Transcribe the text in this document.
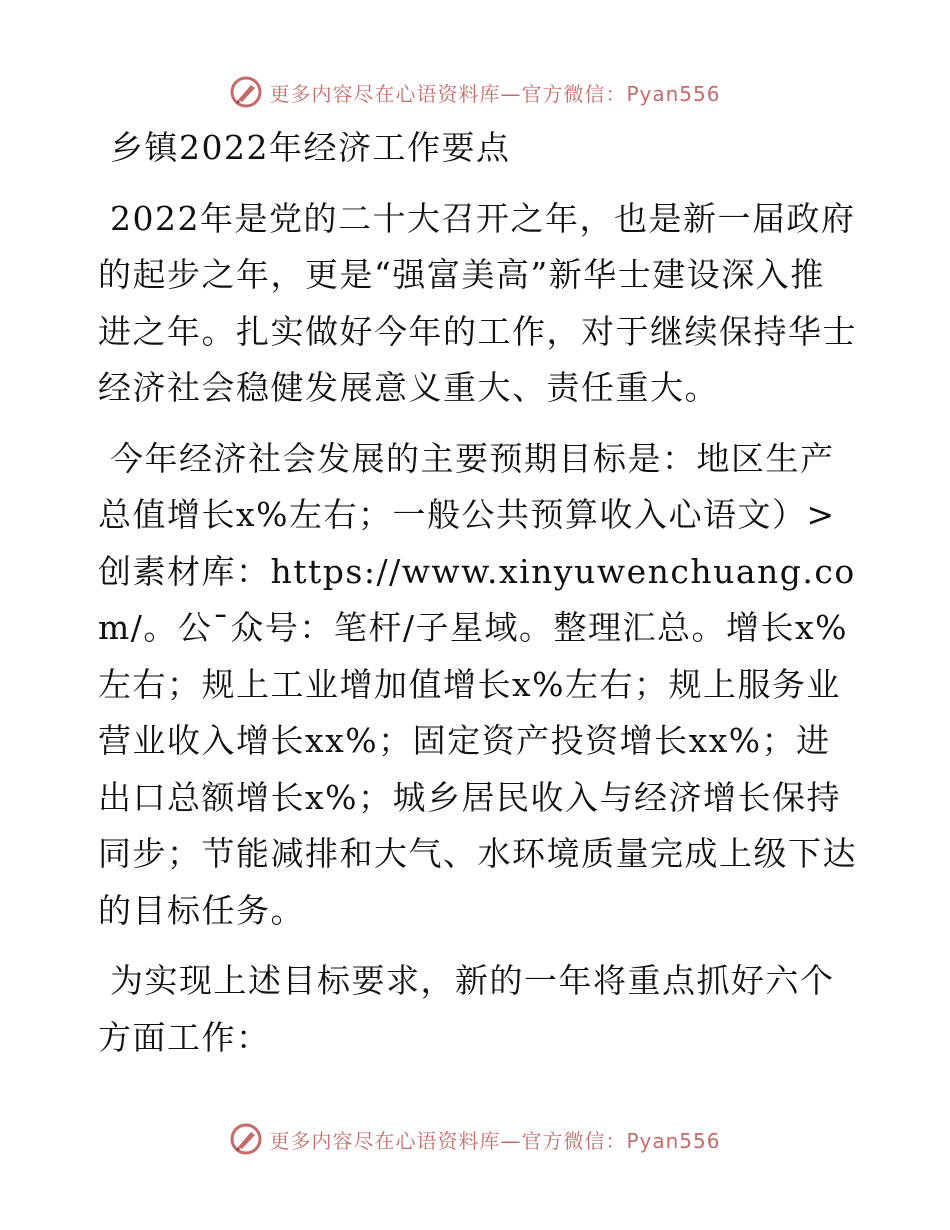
更多内容尽在心语资料库—官方微信：Pyan556

乡镇2022年经济工作要点

2022年是党的二十大召开之年，也是新一届政府的起步之年，更是“强富美高”新华士建设深入推进之年。扎实做好今年的工作，对于继续保持华士经济社会稳健发展意义重大、责任重大。

今年经济社会发展的主要预期目标是：地区生产总值增长x%左右；一般公共预算收入心语文）>创素材库：https://www.xinyuwenchuang.com/。公¯众号：笔杆/子星域。整理汇总。增长x%左右；规上工业增加值增长x%左右；规上服务业营业收入增长xx%；固定资产投资增长xx%；进出口总额增长x%；城乡居民收入与经济增长保持同步；节能减排和大气、水环境质量完成上级下达的目标任务。

为实现上述目标要求，新的一年将重点抓好六个方面工作：

更多内容尽在心语资料库—官方微信：Pyan556
